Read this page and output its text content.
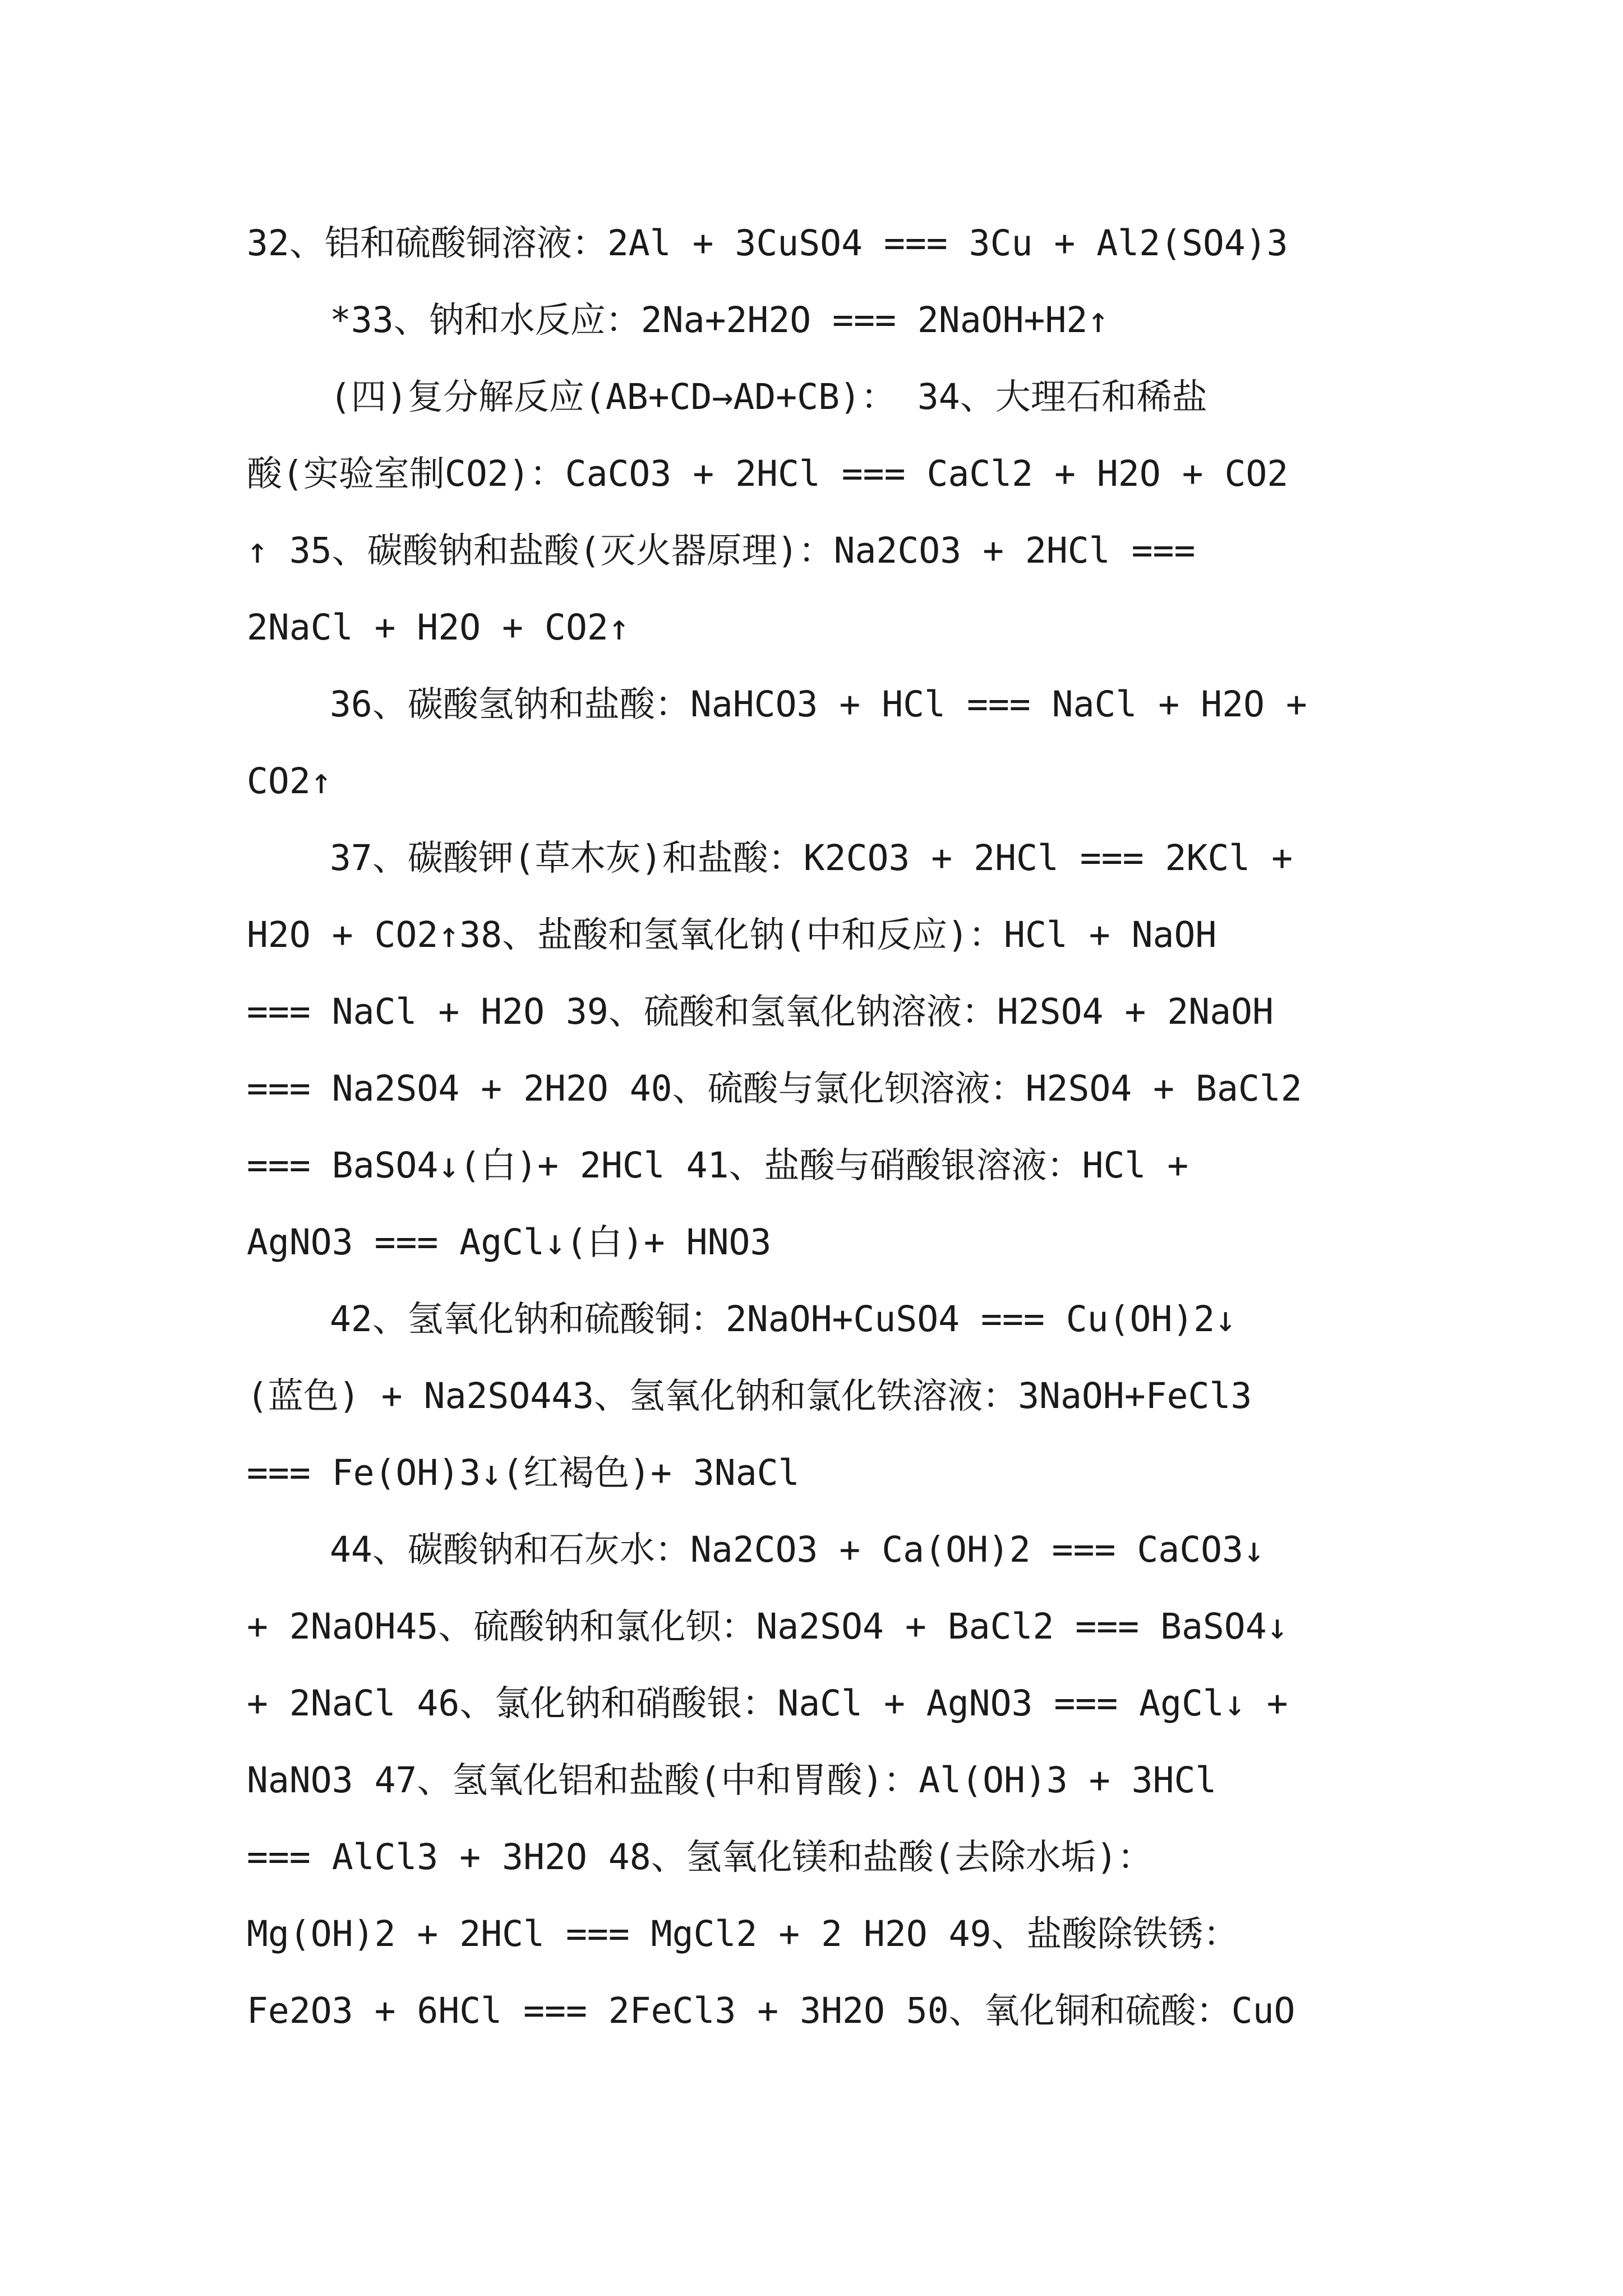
32、铝和硫酸铜溶液：2Al + 3CuSO4 === 3Cu + Al2(SO4)3
*33、钠和水反应：2Na+2H2O === 2NaOH+H2↑
(四)复分解反应(AB+CD→AD+CB)： 34、大理石和稀盐
酸(实验室制CO2)：CaCO3 + 2HCl === CaCl2 + H2O + CO2
↑ 35、碳酸钠和盐酸(灭火器原理)：Na2CO3 + 2HCl ===
2NaCl + H2O + CO2↑
36、碳酸氢钠和盐酸：NaHCO3 + HCl === NaCl + H2O +
CO2↑
37、碳酸钾(草木灰)和盐酸：K2CO3 + 2HCl === 2KCl +
H2O + CO2↑38、盐酸和氢氧化钠(中和反应)：HCl + NaOH
=== NaCl + H2O 39、硫酸和氢氧化钠溶液：H2SO4 + 2NaOH
=== Na2SO4 + 2H2O 40、硫酸与氯化钡溶液：H2SO4 + BaCl2
=== BaSO4↓(白)+ 2HCl 41、盐酸与硝酸银溶液：HCl +
AgNO3 === AgCl↓(白)+ HNO3
42、氢氧化钠和硫酸铜：2NaOH+CuSO4 === Cu(OH)2↓
(蓝色) + Na2SO443、氢氧化钠和氯化铁溶液：3NaOH+FeCl3
=== Fe(OH)3↓(红褐色)+ 3NaCl
44、碳酸钠和石灰水：Na2CO3 + Ca(OH)2 === CaCO3↓
+ 2NaOH45、硫酸钠和氯化钡：Na2SO4 + BaCl2 === BaSO4↓
+ 2NaCl 46、氯化钠和硝酸银：NaCl + AgNO3 === AgCl↓ +
NaNO3 47、氢氧化铝和盐酸(中和胃酸)：Al(OH)3 + 3HCl
=== AlCl3 + 3H2O 48、氢氧化镁和盐酸(去除水垢)：
Mg(OH)2 + 2HCl === MgCl2 + 2 H2O 49、盐酸除铁锈：
Fe2O3 + 6HCl === 2FeCl3 + 3H2O 50、氧化铜和硫酸：CuO
